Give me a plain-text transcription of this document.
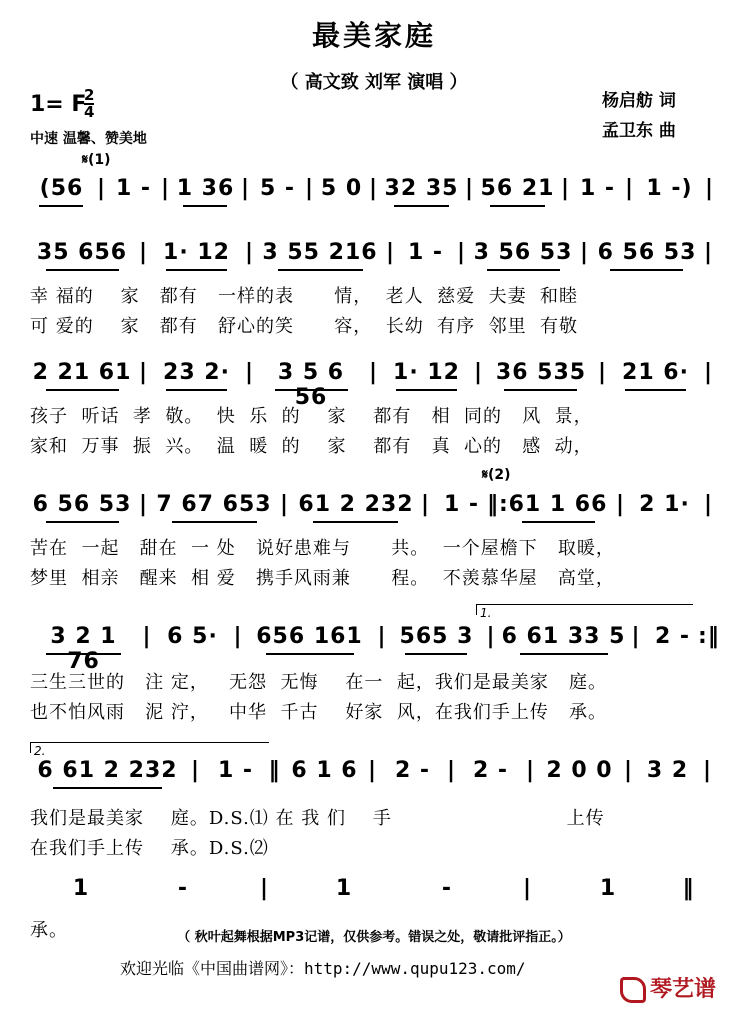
最美家庭
（ 高文致 刘军 演唱 ）
1= F
$\frac{2}{4}$
中速 温馨、赞美地
杨启舫 词
孟卫东 曲
𝄋(1)
𝄋(2)
(56 | 1 - | 1 36 | 5 - | 5 0 | 32 35 | 56 21 | 1 - | 1 -) |
35 656 | 1· 12 | 3 55 216 | 1 - | 3 56 53 | 6 56 53 |
2 21 61 | 23 2· |	3 5 6 56
| 1· 12 | 36 535 | 21 6· |
6 56 53 | 7 67 653 | 61 2 232 | 1 - ‖: 61 1 66 | 2 1· |
3 2 1 76
| 6 5· | 656 161 | 565 3 | 6 61 33 5 | 2 - :‖
6 61 2 232 | 1 - ‖ 6 1 6 | 2 - | 2 - | 2 0 0 | 3 2 |
1	-	|	1	-	|	1	‖
幸 福的    家   都有   一样的表      情，  老人  慈爱  夫妻  和睦
可 爱的    家   都有   舒心的笑      容，  长幼  有序  邻里  有敬
孩子  听话  孝  敬。  快  乐  的    家    都有   相  同的   风  景，
家和  万事  振  兴。  温  暖  的    家    都有   真  心的   感  动，
苦在  一起   甜在  一 处   说好患难与      共。  一个屋檐下   取暖，
梦里  相亲   醒来  相 爱   携手风雨兼      程。  不羡慕华屋   高堂，
三生三世的   注 定，   无怨  无悔    在一  起，我们是最美家   庭。
也不怕风雨   泥 泞，   中华  千古    好家  风，在我们手上传   承。
我们是最美家    庭。D.S.⑴ 在 我 们    手                          上传
在我们手上传    承。D.S.⑵
承。
1.
2.
（ 秋叶起舞根据MP3记谱，仅供参考。错误之处，敬请批评指正。）
欢迎光临《中国曲谱网》：http://www.qupu123.com/
琴艺谱
